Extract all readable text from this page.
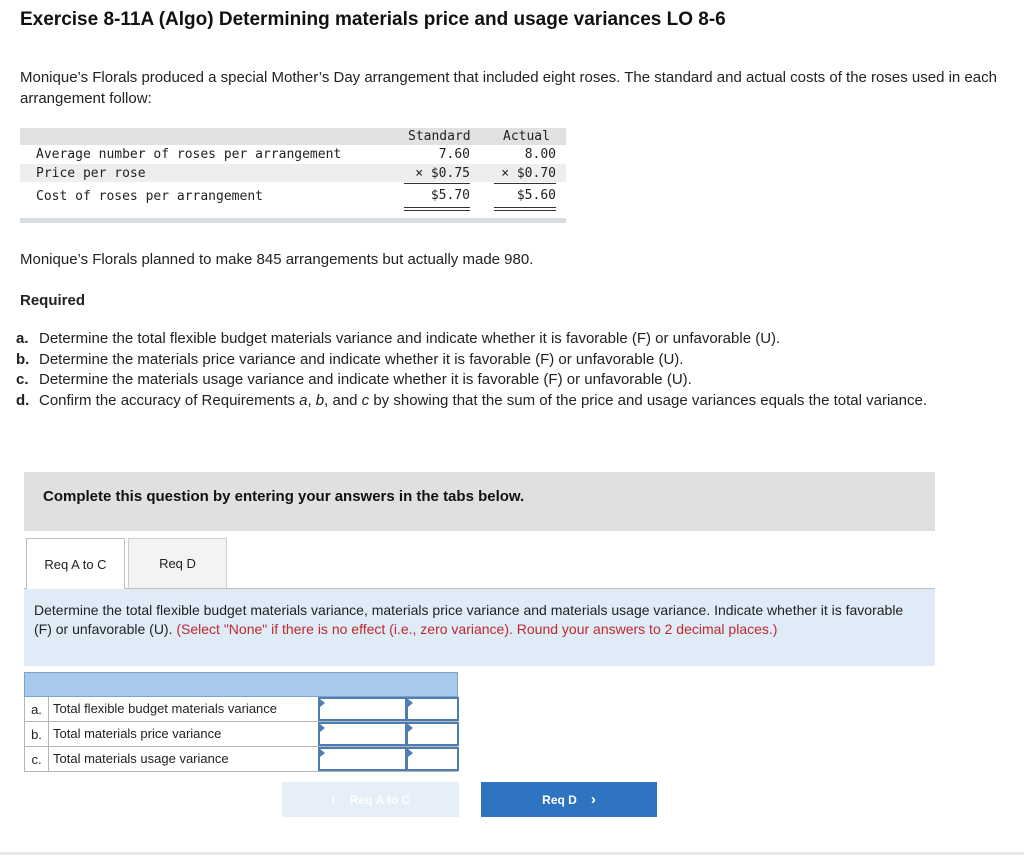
Exercise 8-11A (Algo) Determining materials price and usage variances LO 8-6

Monique’s Florals produced a special Mother’s Day arrangement that included eight roses. The standard and actual costs of the roses used in each arrangement follow:

Standard Actual
Average number of roses per arrangement	7.60	8.00
Price per rose	× $0.75 × $0.70
Cost of roses per arrangement	$5.70	$5.60
Monique’s Florals planned to make 845 arrangements but actually made 980.
Required
a. Determine the total flexible budget materials variance and indicate whether it is favorable (F) or unfavorable (U).
b. Determine the materials price variance and indicate whether it is favorable (F) or unfavorable (U).
c. Determine the materials usage variance and indicate whether it is favorable (F) or unfavorable (U).
d. Confirm the accuracy of Requirements a, b, and c by showing that the sum of the price and usage variances equals the total variance.
Complete this question by entering your answers in the tabs below.
Req A to C	Req D

Determine the total flexible budget materials variance, materials price variance and materials usage variance. Indicate whether it is favorable (F) or unfavorable (U). (Select "None" if there is no effect (i.e., zero variance). Round your answers to 2 decimal places.)

a. Total flexible budget materials variance
b. Total materials price variance
c. Total materials usage variance
‹ Req A to C	Req D ›
